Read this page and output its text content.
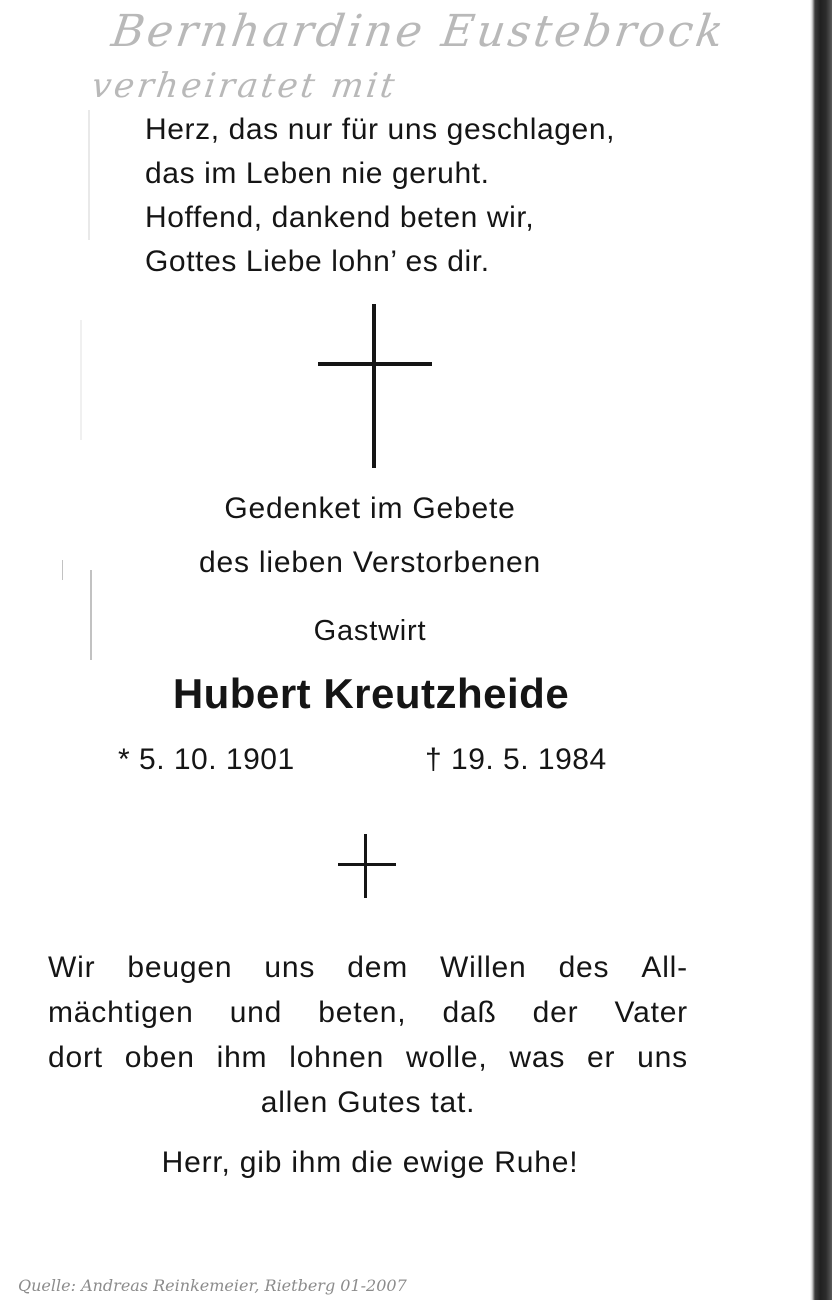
Bernhardine Eustebrock
verheiratet mit
Herz, das nur für uns geschlagen,
das im Leben nie geruht.
Hoffend, dankend beten wir,
Gottes Liebe lohn’ es dir.
Gedenket im Gebete
des lieben Verstorbenen
Gastwirt
Hubert Kreutzheide
* 5. 10. 1901	† 19. 5. 1984
Wir beugen uns dem Willen des All-
mächtigen und beten, daß der Vater
dort oben ihm lohnen wolle, was er uns
allen Gutes tat.
Herr, gib ihm die ewige Ruhe!
Quelle: Andreas Reinkemeier, Rietberg 01-2007
